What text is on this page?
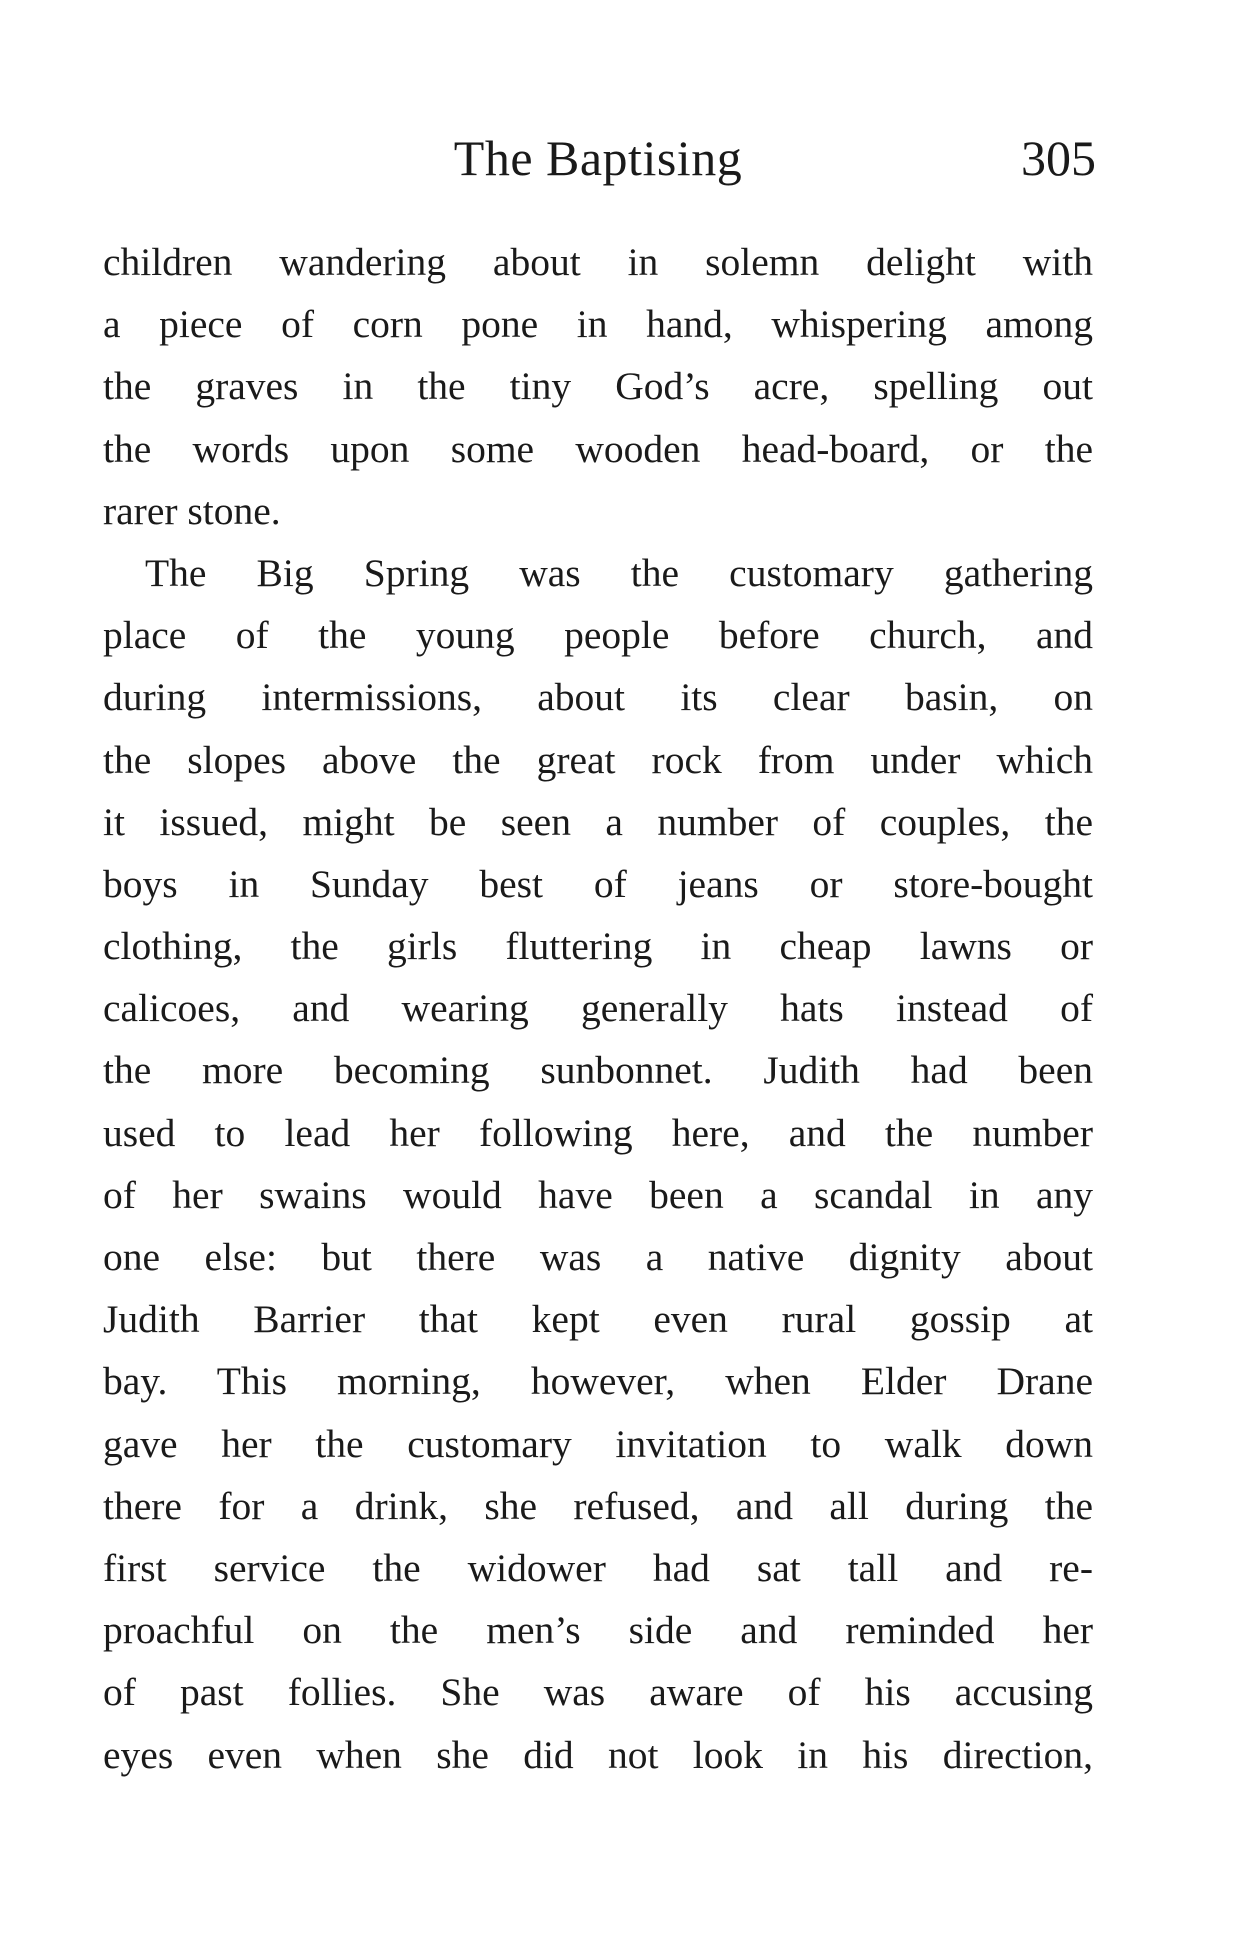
The Baptising	305
children wandering about in solemn delight with
a piece of corn pone in hand, whispering among
the graves in the tiny God’s acre, spelling out
the words upon some wooden head-board, or the
rarer stone.
The Big Spring was the customary gathering
place of the young people before church, and
during intermissions, about its clear basin, on
the slopes above the great rock from under which
it issued, might be seen a number of couples, the
boys in Sunday best of jeans or store-bought
clothing, the girls fluttering in cheap lawns or
calicoes, and wearing generally hats instead of
the more becoming sunbonnet. Judith had been
used to lead her following here, and the number
of her swains would have been a scandal in any
one else: but there was a native dignity about
Judith Barrier that kept even rural gossip at
bay. This morning, however, when Elder Drane
gave her the customary invitation to walk down
there for a drink, she refused, and all during the
first service the widower had sat tall and re-
proachful on the men’s side and reminded her
of past follies. She was aware of his accusing
eyes even when she did not look in his direction,
